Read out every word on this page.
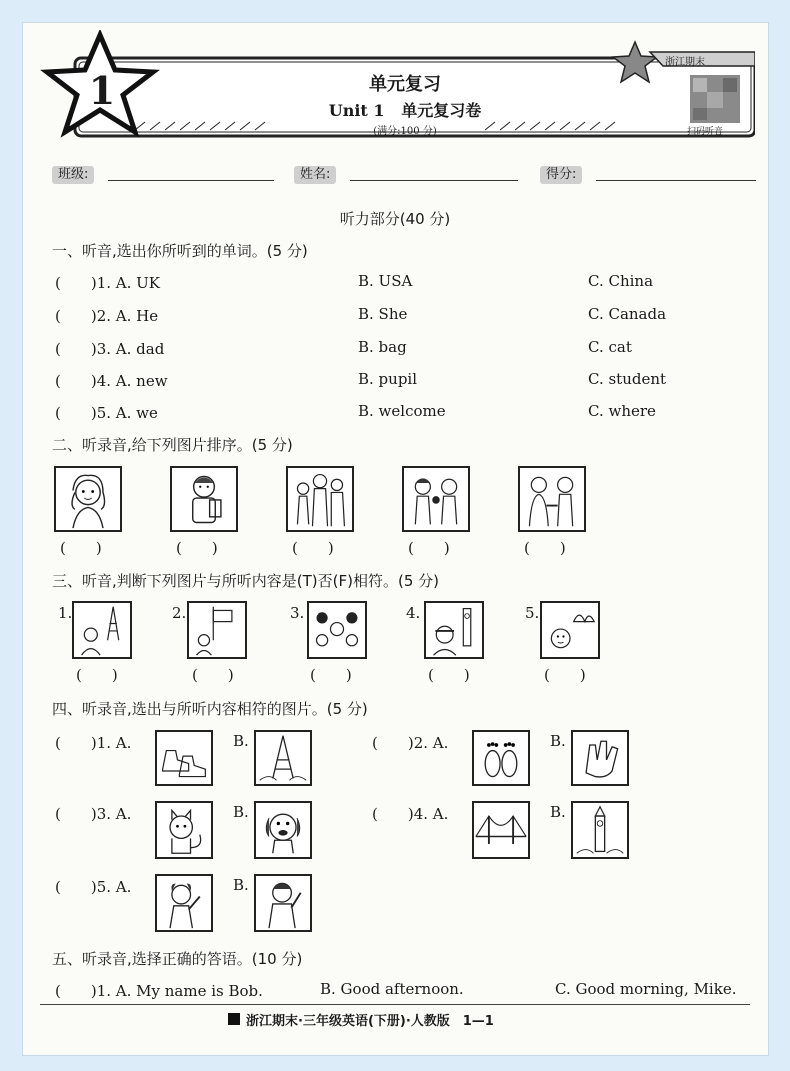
1
浙江期末
扫码听音
单元复习
Unit 1 单元复习卷
(满分:100 分)
班级:	姓名:	得分:
听力部分(40 分)
一、听音,选出你所听到的单词。(5 分)
(　　)1. A. UK	B. USA	C. China
(　　)2. A. He	B. She	C. Canada
(　　)3. A. dad	B. bag	C. cat
(　　)4. A. new	B. pupil	C. student
(　　)5. A. we	B. welcome	C. where
二、听录音,给下列图片排序。(5 分)
(　　)	(　　)	(　　)	(　　)	(　　)
三、听音,判断下列图片与所听内容是(T)否(F)相符。(5 分)
1.	2.	3.	4.	5.
(　　)	(　　)	(　　)	(　　)	(　　)
四、听录音,选出与所听内容相符的图片。(5 分)
(　　)1. A.	B.	(　　)2. A.	B.
(　　)3. A.	B.	(　　)4. A.	B.
(　　)5. A.	B.
五、听录音,选择正确的答语。(10 分)
(　　)1. A. My name is Bob.	B. Good afternoon.	C. Good morning, Mike.
浙江期末·三年级英语(下册)·人教版　1—1
